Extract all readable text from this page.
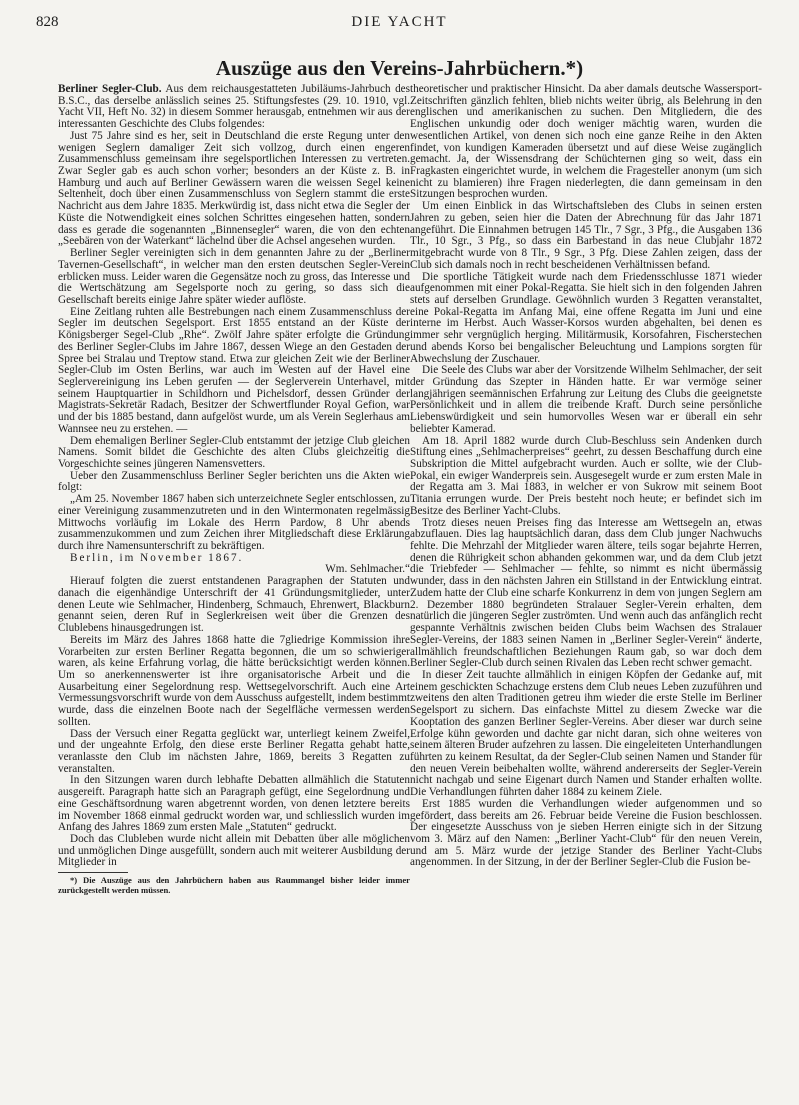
828	DIE YACHT
Auszüge aus den Vereins-Jahrbüchern.*)

Berliner Segler-Club. Aus dem reichausgestatteten Jubiläums-Jahrbuch des B.S.C., das derselbe anlässlich seines 25. Stiftungsfestes (29. 10. 1910, vgl. Yacht VII, Heft No. 32) in diesem Sommer herausgab, entnehmen wir aus der interessanten Geschichte des Clubs folgendes:

Just 75 Jahre sind es her, seit in Deutschland die erste Regung unter den wenigen Seglern damaliger Zeit sich vollzog, durch einen engeren Zusammenschluss gemeinsam ihre segelsportlichen Interessen zu vertreten. Zwar Segler gab es auch schon vorher; besonders an der Küste z. B. in Hamburg und auch auf Berliner Gewässern waren die weissen Segel keine Seltenheit, doch über einen Zusammenschluss von Seglern stammt die erste Nachricht aus dem Jahre 1835. Merkwürdig ist, dass nicht etwa die Segler der Küste die Notwendigkeit eines solchen Schrittes eingesehen hatten, sondern dass es gerade die sogenannten „Binnensegler“ waren, die von den echten „Seebären von der Waterkant“ lächelnd über die Achsel angesehen wurden.

Berliner Segler vereinigten sich in dem genannten Jahre zu der „Berliner Tavernen-Gesellschaft“, in welcher man den ersten deutschen Segler-Verein erblicken muss. Leider waren die Gegensätze noch zu gross, das Interesse und die Wertschätzung am Segelsporte noch zu gering, so dass sich die Gesellschaft bereits einige Jahre später wieder auflöste.

Eine Zeitlang ruhten alle Bestrebungen nach einem Zusammenschluss der Segler im deutschen Segelsport. Erst 1855 entstand an der Küste der Königsberger Segel-Club „Rhe“. Zwölf Jahre später erfolgte die Gründung des Berliner Segler-Clubs im Jahre 1867, dessen Wiege an den Gestaden der Spree bei Stralau und Treptow stand. Etwa zur gleichen Zeit wie der Berliner Segler-Club im Osten Berlins, war auch im Westen auf der Havel eine Seglervereinigung ins Leben gerufen — der Seglerverein Unterhavel, mit seinem Hauptquartier in Schildhorn und Pichelsdorf, dessen Gründer der Magistrats-Sekretär Radach, Besitzer der Schwertflunder Royal Gefion, war und der bis 1885 bestand, dann aufgelöst wurde, um als Verein Seglerhaus am Wannsee neu zu erstehen. —

Dem ehemaligen Berliner Segler-Club entstammt der jetzige Club gleichen Namens. Somit bildet die Geschichte des alten Clubs gleichzeitig die Vorgeschichte seines jüngeren Namensvetters.

Ueber den Zusammenschluss Berliner Segler berichten uns die Akten wie folgt:

„Am 25. November 1867 haben sich unterzeichnete Segler entschlossen, zu einer Vereinigung zusammenzutreten und in den Wintermonaten regelmässig Mittwochs vorläufig im Lokale des Herrn Pardow, 8 Uhr abends zusammenzukommen und zum Zeichen ihrer Mitgliedschaft diese Erklärung durch ihre Namensunterschrift zu bekräftigen.

Berlin, im November 1867.

Wm. Sehlmacher.“

Hierauf folgten die zuerst entstandenen Paragraphen der Statuten und danach die eigenhändige Unterschrift der 41 Gründungsmitglieder, unter denen Leute wie Sehlmacher, Hindenberg, Schmauch, Ehrenwert, Blackburn genannt seien, deren Ruf in Seglerkreisen weit über die Grenzen des Clublebens hinausgedrungen ist.

Bereits im März des Jahres 1868 hatte die 7gliedrige Kommission ihre Vorarbeiten zur ersten Berliner Regatta begonnen, die um so schwieriger waren, als keine Erfahrung vorlag, die hätte berücksichtigt werden können. Um so anerkennenswerter ist ihre organisatorische Arbeit und die Ausarbeitung einer Segelordnung resp. Wettsegelvorschrift. Auch eine Art Vermessungsvorschrift wurde von dem Ausschuss aufgestellt, indem bestimmt wurde, dass die einzelnen Boote nach der Segelfläche vermessen werden sollten.

Dass der Versuch einer Regatta geglückt war, unterliegt keinem Zweifel, und der ungeahnte Erfolg, den diese erste Berliner Regatta gehabt hatte, veranlasste den Club im nächsten Jahre, 1869, bereits 3 Regatten zu veranstalten.

In den Sitzungen waren durch lebhafte Debatten allmählich die Statuten ausgereift. Paragraph hatte sich an Paragraph gefügt, eine Segelordnung und eine Geschäftsordnung waren abgetrennt worden, von denen letztere bereits im November 1868 einmal gedruckt worden war, und schliesslich wurden im Anfang des Jahres 1869 zum ersten Male „Statuten“ gedruckt.

Doch das Clubleben wurde nicht allein mit Debatten über alle möglichen und unmöglichen Dinge ausgefüllt, sondern auch mit weiterer Ausbildung der Mitglieder in

*) Die Auszüge aus den Jahrbüchern haben aus Raummangel bisher leider immer zurückgestellt werden müssen.

theoretischer und praktischer Hinsicht. Da aber damals deutsche Wassersport-Zeitschriften gänzlich fehlten, blieb nichts weiter übrig, als Belehrung in den englischen und amerikanischen zu suchen. Den Mitgliedern, die des Englischen unkundig oder doch weniger mächtig waren, wurden die wesentlichen Artikel, von denen sich noch eine ganze Reihe in den Akten findet, von kundigen Kameraden übersetzt und auf diese Weise zugänglich gemacht. Ja, der Wissensdrang der Schüchternen ging so weit, dass ein Fragkasten eingerichtet wurde, in welchem die Fragesteller anonym (um sich nicht zu blamieren) ihre Fragen niederlegten, die dann gemeinsam in den Sitzungen besprochen wurden.

Um einen Einblick in das Wirtschaftsleben des Clubs in seinen ersten Jahren zu geben, seien hier die Daten der Abrechnung für das Jahr 1871 angeführt. Die Einnahmen betrugen 145 Tlr., 7 Sgr., 3 Pfg., die Ausgaben 136 Tlr., 10 Sgr., 3 Pfg., so dass ein Barbestand in das neue Clubjahr 1872 mitgebracht wurde von 8 Tlr., 9 Sgr., 3 Pfg. Diese Zahlen zeigen, dass der Club sich damals noch in recht bescheidenen Verhältnissen befand.

Die sportliche Tätigkeit wurde nach dem Friedensschlusse 1871 wieder aufgenommen mit einer Pokal-Regatta. Sie hielt sich in den folgenden Jahren stets auf derselben Grundlage. Gewöhnlich wurden 3 Regatten veranstaltet, eine Pokal-Regatta im Anfang Mai, eine offene Regatta im Juni und eine interne im Herbst. Auch Wasser-Korsos wurden abgehalten, bei denen es immer sehr vergnüglich herging. Militärmusik, Korsofahren, Fischerstechen und abends Korso bei bengalischer Beleuchtung und Lampions sorgten für Abwechslung der Zuschauer.

Die Seele des Clubs war aber der Vorsitzende Wilhelm Sehlmacher, der seit der Gründung das Szepter in Händen hatte. Er war vermöge seiner langjährigen seemännischen Erfahrung zur Leitung des Clubs die geeignetste Persönlichkeit und in allem die treibende Kraft. Durch seine persönliche Liebenswürdigkeit und sein humorvolles Wesen war er überall ein sehr beliebter Kamerad.

Am 18. April 1882 wurde durch Club-Beschluss sein Andenken durch Stiftung eines „Sehlmacherpreises“ geehrt, zu dessen Beschaffung durch eine Subskription die Mittel aufgebracht wurden. Auch er sollte, wie der Club-Pokal, ein ewiger Wanderpreis sein. Ausgesegelt wurde er zum ersten Male in der Regatta am 3. Mai 1883, in welcher er von Sukrow mit seinem Boot Titania errungen wurde. Der Preis besteht noch heute; er befindet sich im Besitze des Berliner Yacht-Clubs.

Trotz dieses neuen Preises fing das Interesse am Wettsegeln an, etwas abzuflauen. Dies lag hauptsächlich daran, dass dem Club junger Nachwuchs fehlte. Die Mehrzahl der Mitglieder waren ältere, teils sogar bejahrte Herren, denen die Rührigkeit schon abhanden gekommen war, und da dem Club jetzt die Triebfeder — Sehlmacher — fehlte, so nimmt es nicht übermässig wunder, dass in den nächsten Jahren ein Stillstand in der Entwicklung eintrat. Zudem hatte der Club eine scharfe Konkurrenz in dem von jungen Seglern am 2. Dezember 1880 begründeten Stralauer Segler-Verein erhalten, dem natürlich die jüngeren Segler zuströmten. Und wenn auch das anfänglich recht gespannte Verhältnis zwischen beiden Clubs beim Wachsen des Stralauer Segler-Vereins, der 1883 seinen Namen in „Berliner Segler-Verein“ änderte, allmählich freundschaftlichen Beziehungen Raum gab, so war doch dem Berliner Segler-Club durch seinen Rivalen das Leben recht schwer gemacht.

In dieser Zeit tauchte allmählich in einigen Köpfen der Gedanke auf, mit einem geschickten Schachzuge erstens dem Club neues Leben zuzuführen und zweitens den alten Traditionen getreu ihm wieder die erste Stelle im Berliner Segelsport zu sichern. Das einfachste Mittel zu diesem Zwecke war die Kooptation des ganzen Berliner Segler-Vereins. Aber dieser war durch seine Erfolge kühn geworden und dachte gar nicht daran, sich ohne weiteres von seinem älteren Bruder aufzehren zu lassen. Die eingeleiteten Unterhandlungen führten zu keinem Resultat, da der Segler-Club seinen Namen und Stander für den neuen Verein beibehalten wollte, während andererseits der Segler-Verein nicht nachgab und seine Eigenart durch Namen und Stander erhalten wollte. Die Verhandlungen führten daher 1884 zu keinem Ziele.

Erst 1885 wurden die Verhandlungen wieder aufgenommen und so gefördert, dass bereits am 26. Februar beide Vereine die Fusion beschlossen. Der eingesetzte Ausschuss von je sieben Herren einigte sich in der Sitzung vom 3. März auf den Namen: „Berliner Yacht-Club“ für den neuen Verein, und am 5. März wurde der jetzige Stander des Berliner Yacht-Clubs angenommen. In der Sitzung, in der der Berliner Segler-Club die Fusion be-
